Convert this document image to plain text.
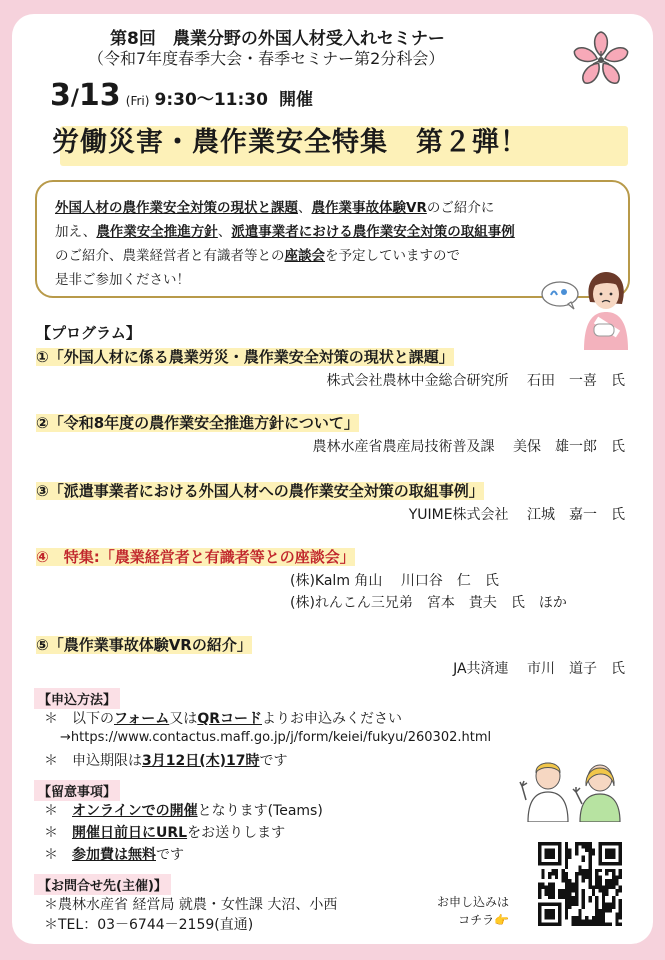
第8回　農業分野の外国人材受入れセミナー
（令和7年度春季大会・春季セミナー第2分科会）
3/13 (Fri) 9:30～11:30 開催
労働災害・農作業安全特集　第２弾！
外国人材の農作業安全対策の現状と課題、農作業事故体験VRのご紹介に
加え、農作業安全推進方針、派遣事業者における農作業安全対策の取組事例
のご紹介、農業経営者と有識者等との座談会を予定していますので
是非ご参加ください！
【プログラム】
①「外国人材に係る農業労災・農作業安全対策の現状と課題」
株式会社農林中金総合研究所　 石田　一喜　氏
②「令和8年度の農作業安全推進方針について」
農林水産省農産局技術普及課　 美保　雄一郎　氏
③「派遣事業者における外国人材への農作業安全対策の取組事例」
YUIME株式会社　 江城　嘉一　氏
④　特集:「農業経営者と有識者等との座談会」
(株)Kalm 角山　 川口谷　仁　氏
(株)れんこん三兄弟　宮本　貴夫　氏　ほか
⑤「農作業事故体験VRの紹介」
JA共済連　 市川　道子　氏
【申込方法】
＊　以下のフォーム又はQRコードよりお申込みください
→https://www.contactus.maff.go.jp/j/form/keiei/fukyu/260302.html
＊　申込期限は3月12日(木)17時です
【留意事項】
＊　オンラインでの開催となります(Teams)
＊　開催日前日にURLをお送りします
＊　参加費は無料です
【お問合せ先(主催)】
＊農林水産省 経営局 就農・女性課 大沼、小西
＊TEL：03－6744－2159(直通)
お申し込みは
コチラ👉
